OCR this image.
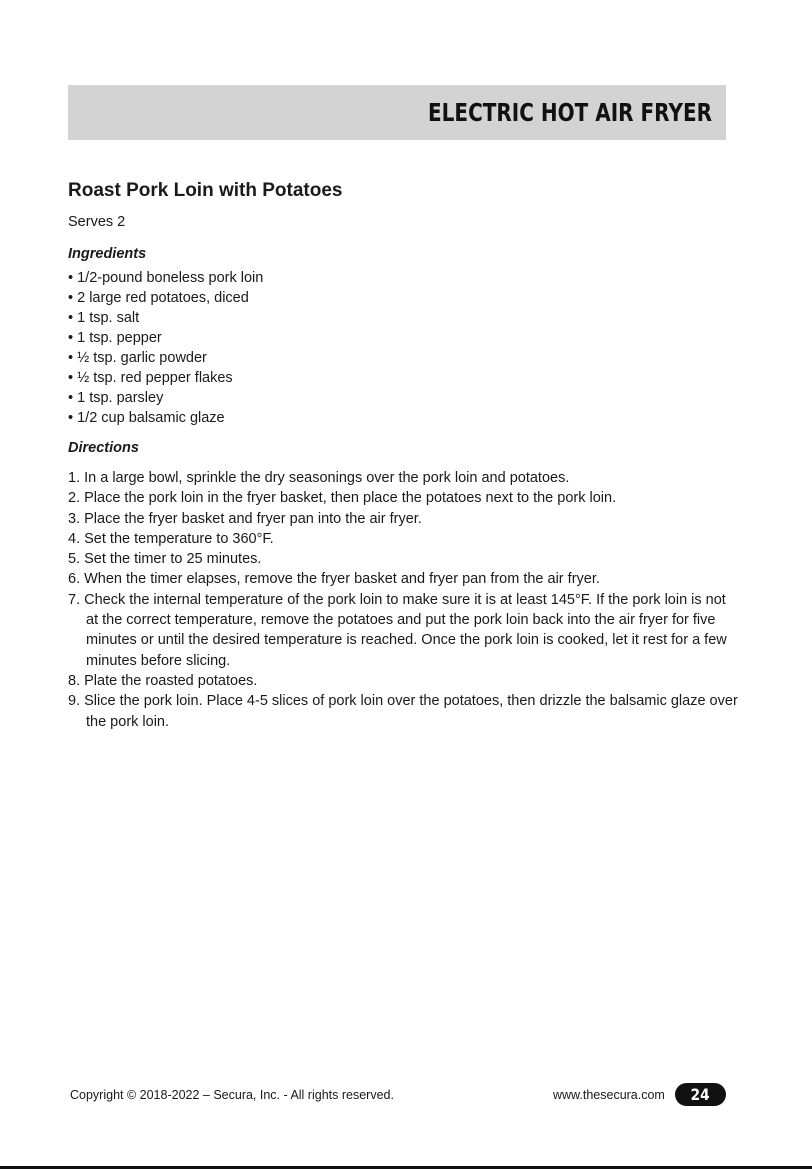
ELECTRIC HOT AIR FRYER
Roast Pork Loin with Potatoes
Serves 2
Ingredients
• 1/2-pound boneless pork loin
• 2 large red potatoes, diced
• 1 tsp. salt
• 1 tsp. pepper
• ½ tsp. garlic powder
• ½ tsp. red pepper flakes
• 1 tsp. parsley
• 1/2 cup balsamic glaze
Directions
1. In a large bowl, sprinkle the dry seasonings over the pork loin and potatoes.
2. Place the pork loin in the fryer basket, then place the potatoes next to the pork loin.
3. Place the fryer basket and fryer pan into the air fryer.
4. Set the temperature to 360°F.
5. Set the timer to 25 minutes.
6. When the timer elapses, remove the fryer basket and fryer pan from the air fryer.
7. Check the internal temperature of the pork loin to make sure it is at least 145°F. If the pork loin is not at the correct temperature, remove the potatoes and put the pork loin back into the air fryer for five minutes or until the desired temperature is reached. Once the pork loin is cooked, let it rest for a few minutes before slicing.
8. Plate the roasted potatoes.
9. Slice the pork loin. Place 4-5 slices of pork loin over the potatoes, then drizzle the balsamic glaze over the pork loin.
Copyright © 2018-2022 – Secura, Inc. - All rights reserved.	www.thesecura.com 24
